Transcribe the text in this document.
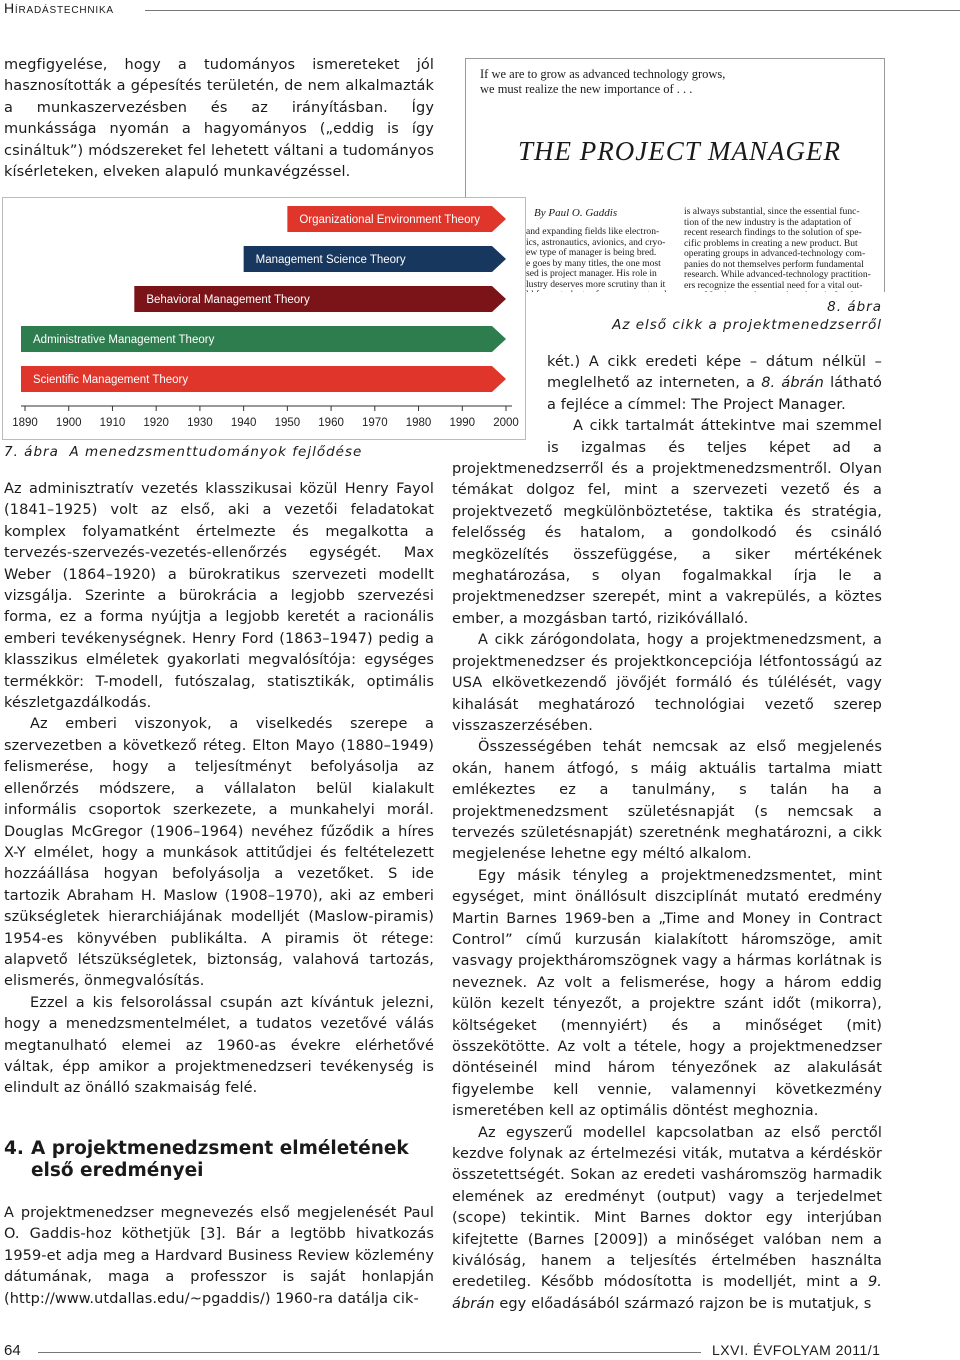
Híradástechnika

megfigyelése, hogy a tudományos ismereteket jól hasznosították a gépesítés területén, de nem alkalmazták a munkaszervezésben és az irányításban. Így munkássága nyomán a hagyományos („eddig is így csináltuk”) módszereket fel lehetett váltani a tudományos kísérleteken, elveken alapuló munkavégzéssel.

If we are to grow as advanced technology grows,
we must realize the new importance of . . .
THE PROJECT MANAGER
By Paul O. Gaddis
and expanding fields like electron-
ics, astronautics, avionics, and cryo-
ew type of manager is being bred.
e goes by many titles, the one most
sed is project manager. His role in
lustry deserves more scrutiny than it
is always substantial, since the essential func-
tion of the new industry is the adaptation of
recent research findings to the solution of spe-
cific problems in creating a new product. But
operating groups in advanced-technology com-
panies do not themselves perform fundamental
research. While advanced-technology practition-
ers recognize the essential need for a vital out-
8. ábra
Az első cikk a projektmenedzserről
Scientific Management Theory
Administrative Management Theory
Behavioral Management Theory
Management Science Theory
Organizational Environment Theory
1890 1900 1910 1920 1930 1940 1950 1960 1970 1980 1990 2000
7. ábra A menedzsmenttudományok fejlődése

két.) A cikk eredeti képe – dátum nélkül – meglelhető az interneten, a 8. ábrán látható a fejléce a címmel: The Project Manager.

A cikk tartalmát áttekintve mai szemmel is izgalmas és teljes képet ad a projektmenedzserről és a projektmenedzsmentről. Olyan témákat dolgoz fel, mint a szervezeti vezető és a projektvezető megkülönböztetése, taktika és stratégia, felelősség és hatalom, a gondolkodó és csináló megközelítés összefüggése, a siker mértékének meghatározása, s olyan fogalmakkal írja le a projektmenedzser szerepét, mint a vakrepülés, a köztes ember, a mozgásban tartó, rizikóvállaló.

A cikk zárógondolata, hogy a projektmenedzsment, a projektmenedzser és projektkoncepciója létfontosságú az USA elkövetkezendő jövőjét formáló és túlélését, vagy kihalását meghatározó technológiai vezető szerep visszaszerzésében.

Összességében tehát nemcsak az első megjelenés okán, hanem átfogó, s máig aktuális tartalma miatt emlékeztes ez a tanulmány, s talán ha a projektmenedzsment születésnapját (s nemcsak a tervezés születésnapját) szeretnénk meghatározni, a cikk megjelenése lehetne egy méltó alkalom.

Egy másik tényleg a projektmenedzsmentet, mint egységet, mint önállósult diszciplínát mutató eredmény Martin Barnes 1969-ben a „Time and Money in Contract Control” című kurzusán kialakított háromszöge, amit vasvagy projektháromszögnek vagy a hármas korlátnak is neveznek. Az volt a felismerése, hogy a három eddig külön kezelt tényezőt, a projektre szánt időt (mikorra), költségeket (mennyiért) és a minőséget (mit) összekötötte. Az volt a tétele, hogy a projektmenedzser döntéseinél mind három tényezőnek az alakulását figyelembe kell vennie, valamennyi következmény ismeretében kell az optimális döntést meghoznia.

Az egyszerű modellel kapcsolatban az első perctől kezdve folynak az értelmezési viták, mutatva a kérdéskör összetettségét. Sokan az eredeti vasháromszög harmadik elemének az eredményt (output) vagy a terjedelmet (scope) tekintik. Mint Barnes doktor egy interjúban kifejtette (Barnes [2009]) a minőséget valóban nem a kiválóság, hanem a teljesítés értelmében használta eredetileg. Később módosította is modelljét, mint a 9. ábrán egy előadásából származó rajzon be is mutatjuk, s

Az adminisztratív vezetés klasszikusai közül Henry Fayol (1841–1925) volt az első, aki a vezetői feladatokat komplex folyamatként értelmezte és megalkotta a tervezés-szervezés-vezetés-ellenőrzés egységét. Max Weber (1864–1920) a bürokratikus szervezeti modellt vizsgálja. Szerinte a bürokrácia a legjobb szervezési forma, ez a forma nyújtja a legjobb keretét a racionális emberi tevékenységnek. Henry Ford (1863–1947) pedig a klasszikus elméletek gyakorlati megvalósítója: egységes termékkör: T-modell, futószalag, statisztikák, optimális készletgazdálkodás.

Az emberi viszonyok, a viselkedés szerepe a szervezetben a következő réteg. Elton Mayo (1880–1949) felismerése, hogy a teljesítményt befolyásolja az ellenőrzés módszere, a vállalaton belül kialakult informális csoportok szerkezete, a munkahelyi morál. Douglas McGregor (1906–1964) nevéhez fűződik a híres X-Y elmélet, hogy a munkások attitűdjei és feltételezett hozzáállása hogyan befolyásolja a vezetőket. S ide tartozik Abraham H. Maslow (1908–1970), aki az emberi szükségletek hierarchiájának modelljét (Maslow-piramis) 1954-es könyvében publikálta. A piramis öt rétege: alapvető létszükségletek, biztonság, valahová tartozás, elismerés, önmegvalósítás.

Ezzel a kis felsorolással csupán azt kívántuk jelezni, hogy a menedzsmentelmélet, a tudatos vezetővé válás megtanulható elemei az 1960-as évekre elérhetővé váltak, épp amikor a projektmenedzseri tevékenység is elindult az önálló szakmaiság felé.

4. A projektmenedzsment elméletének
első eredményei

A projektmenedzser megnevezés első megjelenését Paul O. Gaddis-hoz köthetjük [3]. Bár a legtöbb hivatkozás 1959-et adja meg a Hardvard Business Review közlemény dátumának, maga a professzor is saját honlapján (http://www.utdallas.edu/~pgaddis/) 1960-ra datálja cik-

64	LXVI. ÉVFOLYAM 2011/1
